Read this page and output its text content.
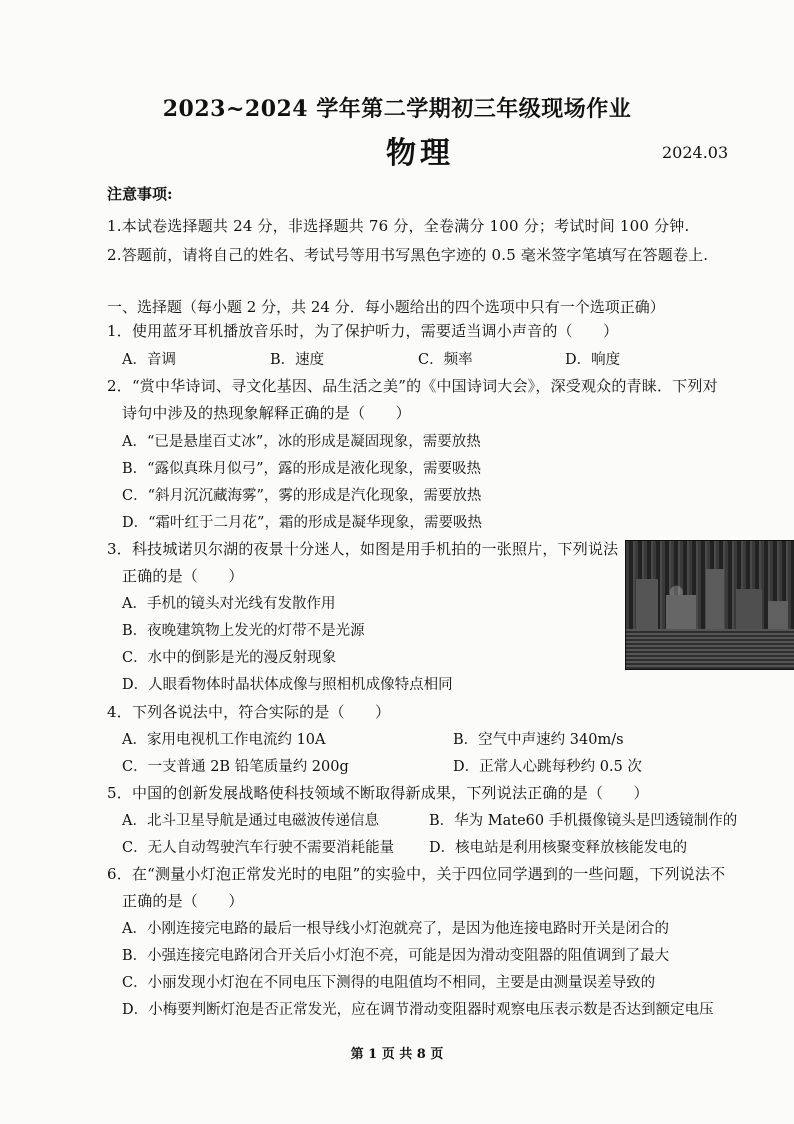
2023~2024 学年第二学期初三年级现场作业
物理	2024.03
注意事项:
1.本试卷选择题共 24 分，非选择题共 76 分，全卷满分 100 分；考试时间 100 分钟.
2.答题前，请将自己的姓名、考试号等用书写黑色字迹的 0.5 毫米签字笔填写在答题卷上.
一、选择题（每小题 2 分，共 24 分．每小题给出的四个选项中只有一个选项正确）
1．使用蓝牙耳机播放音乐时，为了保护听力，需要适当调小声音的（　　）
A．音调	B．速度	C．频率	D．响度
2．“赏中华诗词、寻文化基因、品生活之美”的《中国诗词大会》，深受观众的青睐．下列对
诗句中涉及的热现象解释正确的是（　　）
A．“已是悬崖百丈冰”，冰的形成是凝固现象，需要放热
B．“露似真珠月似弓”，露的形成是液化现象，需要吸热
C．“斜月沉沉藏海雾”，雾的形成是汽化现象，需要放热
D．“霜叶红于二月花”，霜的形成是凝华现象，需要吸热
3．科技城诺贝尔湖的夜景十分迷人，如图是用手机拍的一张照片，下列说法
正确的是（　　）
A．手机的镜头对光线有发散作用
B．夜晚建筑物上发光的灯带不是光源
C．水中的倒影是光的漫反射现象
D．人眼看物体时晶状体成像与照相机成像特点相同
4．下列各说法中，符合实际的是（　　）
A．家用电视机工作电流约 10A	B．空气中声速约 340m/s
C．一支普通 2B 铅笔质量约 200g	D．正常人心跳每秒约 0.5 次
5．中国的创新发展战略使科技领域不断取得新成果，下列说法正确的是（　　）
A．北斗卫星导航是通过电磁波传递信息	B．华为 Mate60 手机摄像镜头是凹透镜制作的
C．无人自动驾驶汽车行驶不需要消耗能量 D．核电站是利用核聚变释放核能发电的
6．在“测量小灯泡正常发光时的电阻”的实验中，关于四位同学遇到的一些问题，下列说法不
正确的是（　　）
A．小刚连接完电路的最后一根导线小灯泡就亮了，是因为他连接电路时开关是闭合的
B．小强连接完电路闭合开关后小灯泡不亮，可能是因为滑动变阻器的阻值调到了最大
C．小丽发现小灯泡在不同电压下测得的电阻值均不相同，主要是由测量误差导致的
D．小梅要判断灯泡是否正常发光，应在调节滑动变阻器时观察电压表示数是否达到额定电压
第 1 页 共 8 页
